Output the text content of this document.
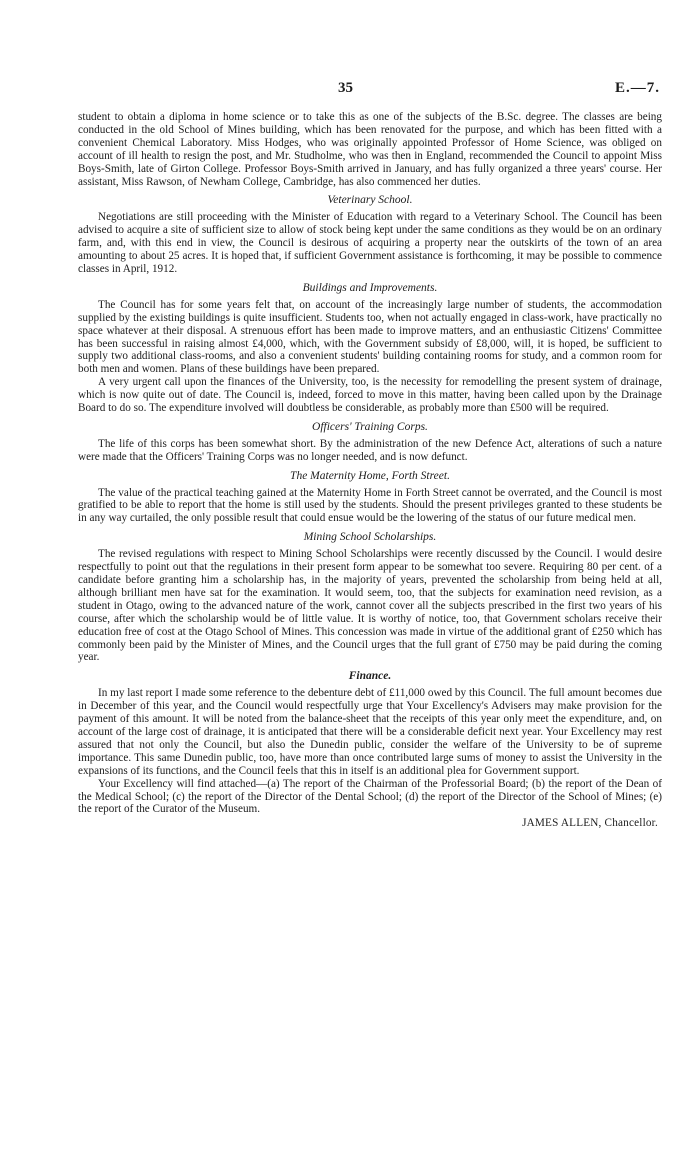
35	E.—7.

student to obtain a diploma in home science or to take this as one of the subjects of the B.Sc. degree. The classes are being conducted in the old School of Mines building, which has been renovated for the purpose, and which has been fitted with a convenient Chemical Laboratory. Miss Hodges, who was originally appointed Professor of Home Science, was obliged on account of ill health to resign the post, and Mr. Studholme, who was then in England, recommended the Council to appoint Miss Boys-Smith, late of Girton College. Professor Boys-Smith arrived in January, and has fully organized a three years' course. Her assistant, Miss Rawson, of Newham College, Cambridge, has also commenced her duties.

Veterinary School.

Negotiations are still proceeding with the Minister of Education with regard to a Veterinary School. The Council has been advised to acquire a site of sufficient size to allow of stock being kept under the same conditions as they would be on an ordinary farm, and, with this end in view, the Council is desirous of acquiring a property near the outskirts of the town of an area amounting to about 25 acres. It is hoped that, if sufficient Government assistance is forthcoming, it may be possible to commence classes in April, 1912.

Buildings and Improvements.

The Council has for some years felt that, on account of the increasingly large number of students, the accommodation supplied by the existing buildings is quite insufficient. Students too, when not actually engaged in class-work, have practically no space whatever at their disposal. A strenuous effort has been made to improve matters, and an enthusiastic Citizens' Committee has been successful in raising almost £4,000, which, with the Government subsidy of £8,000, will, it is hoped, be sufficient to supply two additional class-rooms, and also a convenient students' building containing rooms for study, and a common room for both men and women. Plans of these buildings have been prepared.

A very urgent call upon the finances of the University, too, is the necessity for remodelling the present system of drainage, which is now quite out of date. The Council is, indeed, forced to move in this matter, having been called upon by the Drainage Board to do so. The expenditure involved will doubtless be considerable, as probably more than £500 will be required.

Officers' Training Corps.

The life of this corps has been somewhat short. By the administration of the new Defence Act, alterations of such a nature were made that the Officers' Training Corps was no longer needed, and is now defunct.

The Maternity Home, Forth Street.

The value of the practical teaching gained at the Maternity Home in Forth Street cannot be overrated, and the Council is most gratified to be able to report that the home is still used by the students. Should the present privileges granted to these students be in any way curtailed, the only possible result that could ensue would be the lowering of the status of our future medical men.

Mining School Scholarships.

The revised regulations with respect to Mining School Scholarships were recently discussed by the Council. I would desire respectfully to point out that the regulations in their present form appear to be somewhat too severe. Requiring 80 per cent. of a candidate before granting him a scholarship has, in the majority of years, prevented the scholarship from being held at all, although brilliant men have sat for the examination. It would seem, too, that the subjects for examination need revision, as a student in Otago, owing to the advanced nature of the work, cannot cover all the subjects prescribed in the first two years of his course, after which the scholarship would be of little value. It is worthy of notice, too, that Government scholars receive their education free of cost at the Otago School of Mines. This concession was made in virtue of the additional grant of £250 which has commonly been paid by the Minister of Mines, and the Council urges that the full grant of £750 may be paid during the coming year.

Finance.

In my last report I made some reference to the debenture debt of £11,000 owed by this Council. The full amount becomes due in December of this year, and the Council would respectfully urge that Your Excellency's Advisers may make provision for the payment of this amount. It will be noted from the balance-sheet that the receipts of this year only meet the expenditure, and, on account of the large cost of drainage, it is anticipated that there will be a considerable deficit next year. Your Excellency may rest assured that not only the Council, but also the Dunedin public, consider the welfare of the University to be of supreme importance. This same Dunedin public, too, have more than once contributed large sums of money to assist the University in the expansions of its functions, and the Council feels that this in itself is an additional plea for Government support.

Your Excellency will find attached—(a) The report of the Chairman of the Professorial Board; (b) the report of the Dean of the Medical School; (c) the report of the Director of the Dental School; (d) the report of the Director of the School of Mines; (e) the report of the Curator of the Museum.

JAMES ALLEN, Chancellor.
